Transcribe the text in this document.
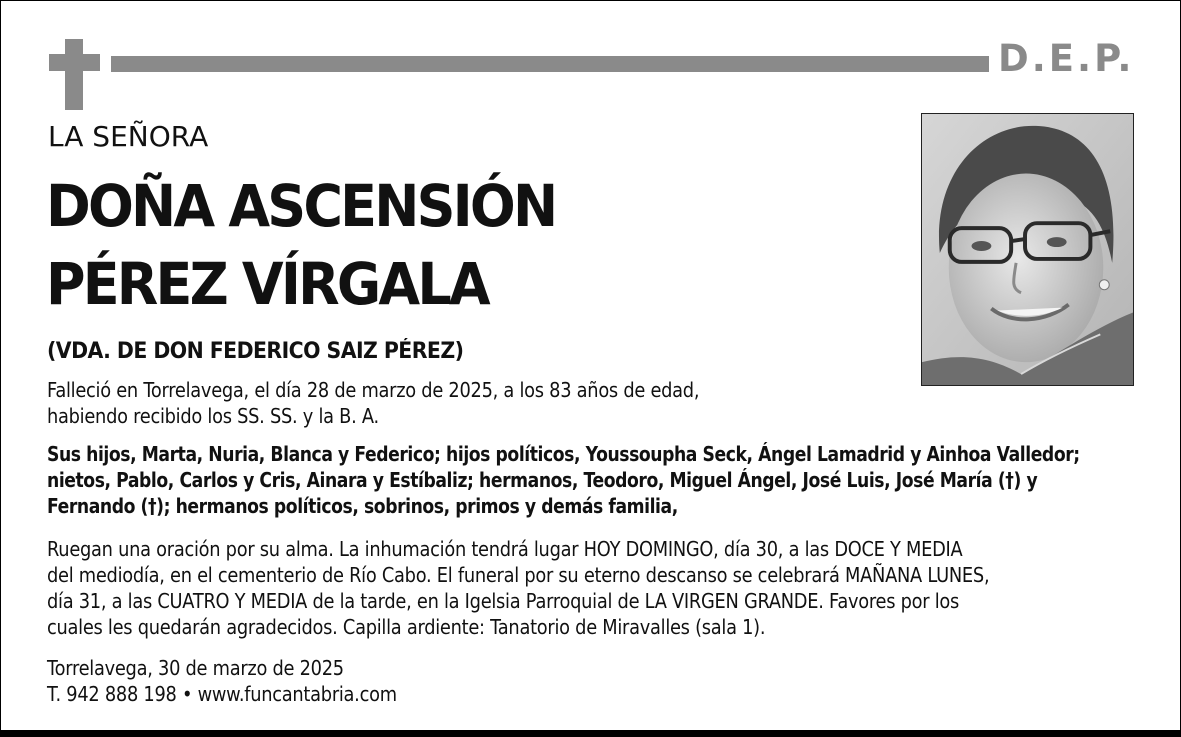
D.E.P.
LA SEÑORA
DOÑA ASCENSIÓN
PÉREZ VÍRGALA
(VDA. DE DON FEDERICO SAIZ PÉREZ)
Falleció en Torrelavega, el día 28 de marzo de 2025, a los 83 años de edad,
habiendo recibido los SS. SS. y la B. A.
Sus hijos, Marta, Nuria, Blanca y Federico; hijos políticos, Youssoupha Seck, Ángel Lamadrid y Ainhoa Valledor;
nietos, Pablo, Carlos y Cris, Ainara y Estíbaliz; hermanos, Teodoro, Miguel Ángel, José Luis, José María (†) y
Fernando (†); hermanos políticos, sobrinos, primos y demás familia,
Ruegan una oración por su alma. La inhumación tendrá lugar HOY DOMINGO, día 30, a las DOCE Y MEDIA
del mediodía, en el cementerio de Río Cabo. El funeral por su eterno descanso se celebrará MAÑANA LUNES,
día 31, a las CUATRO Y MEDIA de la tarde, en la Igelsia Parroquial de LA VIRGEN GRANDE. Favores por los
cuales les quedarán agradecidos. Capilla ardiente: Tanatorio de Miravalles (sala 1).
Torrelavega, 30 de marzo de 2025
T. 942 888 198 • www.funcantabria.com
